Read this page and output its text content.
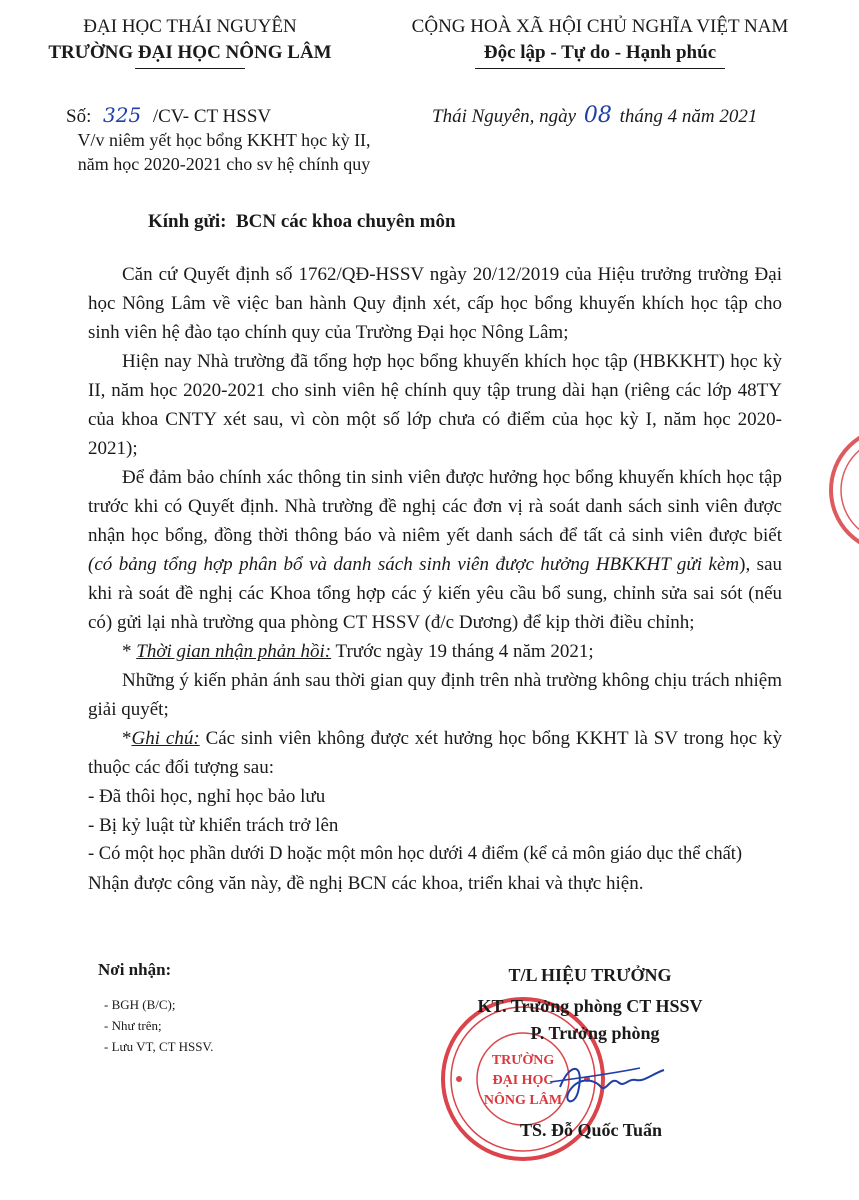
ĐẠI HỌC THÁI NGUYÊN
TRƯỜNG ĐẠI HỌC NÔNG LÂM
CỘNG HOÀ XÃ HỘI CHỦ NGHĨA VIỆT NAM
Độc lập - Tự do - Hạnh phúc
Số: 325 /CV- CT HSSV
V/v niêm yết học bổng KKHT học kỳ II,
năm học 2020-2021 cho sv hệ chính quy
Thái Nguyên, ngày 08 tháng 4 năm 2021
Kính gửi: BCN các khoa chuyên môn

Căn cứ Quyết định số 1762/QĐ-HSSV ngày 20/12/2019 của Hiệu trưởng trường Đại học Nông Lâm về việc ban hành Quy định xét, cấp học bổng khuyến khích học tập cho sinh viên hệ đào tạo chính quy của Trường Đại học Nông Lâm;

Hiện nay Nhà trường đã tổng hợp học bổng khuyến khích học tập (HBKKHT) học kỳ II, năm học 2020-2021 cho sinh viên hệ chính quy tập trung dài hạn (riêng các lớp 48TY của khoa CNTY xét sau, vì còn một số lớp chưa có điểm của học kỳ I, năm học 2020-2021);

Để đảm bảo chính xác thông tin sinh viên được hưởng học bổng khuyến khích học tập trước khi có Quyết định. Nhà trường đề nghị các đơn vị rà soát danh sách sinh viên được nhận học bổng, đồng thời thông báo và niêm yết danh sách để tất cả sinh viên được biết (có bảng tổng hợp phân bổ và danh sách sinh viên được hưởng HBKKHT gửi kèm), sau khi rà soát đề nghị các Khoa tổng hợp các ý kiến yêu cầu bổ sung, chỉnh sửa sai sót (nếu có) gửi lại nhà trường qua phòng CT HSSV (đ/c Dương) để kịp thời điều chỉnh;

* Thời gian nhận phản hồi: Trước ngày 19 tháng 4 năm 2021;

Những ý kiến phản ánh sau thời gian quy định trên nhà trường không chịu trách nhiệm giải quyết;

*Ghi chú: Các sinh viên không được xét hưởng học bổng KKHT là SV trong học kỳ thuộc các đối tượng sau:

- Đã thôi học, nghỉ học bảo lưu

- Bị kỷ luật từ khiển trách trở lên

- Có một học phần dưới D hoặc một môn học dưới 4 điểm (kể cả môn giáo dục thể chất)

Nhận được công văn này, đề nghị BCN các khoa, triển khai và thực hiện.

Nơi nhận:
- BGH (B/C);
- Như trên;
- Lưu VT, CT HSSV.
TRƯỜNG
ĐẠI HỌC
NÔNG LÂM
T/L HIỆU TRƯỞNG
KT. Trưởng phòng CT HSSV
P. Trưởng phòng
TS. Đỗ Quốc Tuấn
